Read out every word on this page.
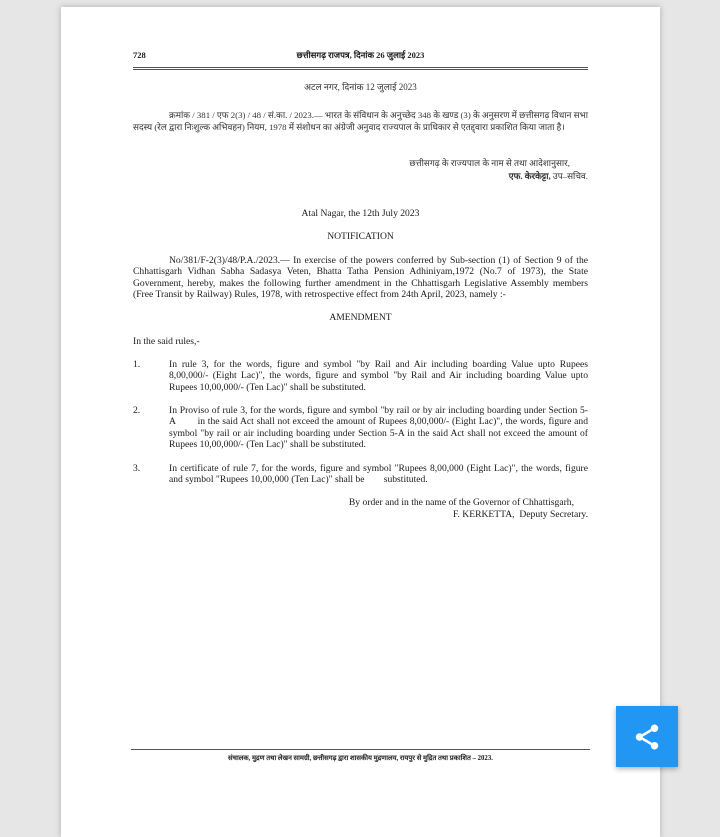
728	छत्तीसगढ़ राजपत्र, दिनांक 26 जुलाई 2023
अटल नगर, दिनांक 12 जुलाई 2023
क्रमांक / 381 / एफ 2(3) / 48 / सं.का. / 2023.— भारत के संविधान के अनुच्छेद 348 के खण्ड (3) के अनुसरण में छत्तीसगढ़ विधान सभा सदस्य (रेल द्वारा निःशुल्क अभिवहन) नियम, 1978 में संशोधन का अंग्रेजी अनुवाद राज्यपाल के प्राधिकार से एतद्द्वारा प्रकाशित किया जाता है।
छत्तीसगढ़ के राज्यपाल के नाम से तथा आदेशानुसार,
एफ. केरकेट्टा, उप–सचिव.
Atal Nagar, the 12th July 2023
NOTIFICATION
No/381/F-2(3)/48/P.A./2023.— In exercise of the powers conferred by Sub-section (1) of Section 9 of the Chhattisgarh Vidhan Sabha Sadasya Veten, Bhatta Tatha Pension Adhiniyam,1972 (No.7 of 1973), the State Government, hereby, makes the following further amendment in the Chhattisgarh Legislative Assembly members (Free Transit by Railway) Rules, 1978, with retrospective effect from 24th April, 2023, namely :-
AMENDMENT
In the said rules,-
1.	In rule 3, for the words, figure and symbol "by Rail and Air including boarding Value upto Rupees 8,00,000/- (Eight Lac)", the words, figure and symbol "by Rail and Air including boarding Value upto Rupees 10,00,000/- (Ten Lac)" shall be substituted.
2.	In Proviso of rule 3, for the words, figure and symbol "by rail or by air including boarding under Section 5-A        in the said Act shall not exceed the amount of Rupees 8,00,000/- (Eight Lac)", the words, figure and symbol "by rail or air including boarding under Section 5-A in the said Act shall not exceed the amount of Rupees 10,00,000/- (Ten Lac)" shall be substituted.
3.	In certificate of rule 7, for the words, figure and symbol "Rupees 8,00,000 (Eight Lac)", the words, figure and symbol "Rupees 10,00,000 (Ten Lac)" shall be        substituted.
By order and in the name of the Governor of Chhattisgarh,
F. KERKETTA,  Deputy Secretary.
संचालक, मुद्रण तथा लेखन सामग्री, छत्तीसगढ़ द्वारा शासकीय मुद्रणालय, रायपुर से मुद्रित तथा प्रकाशित – 2023.
